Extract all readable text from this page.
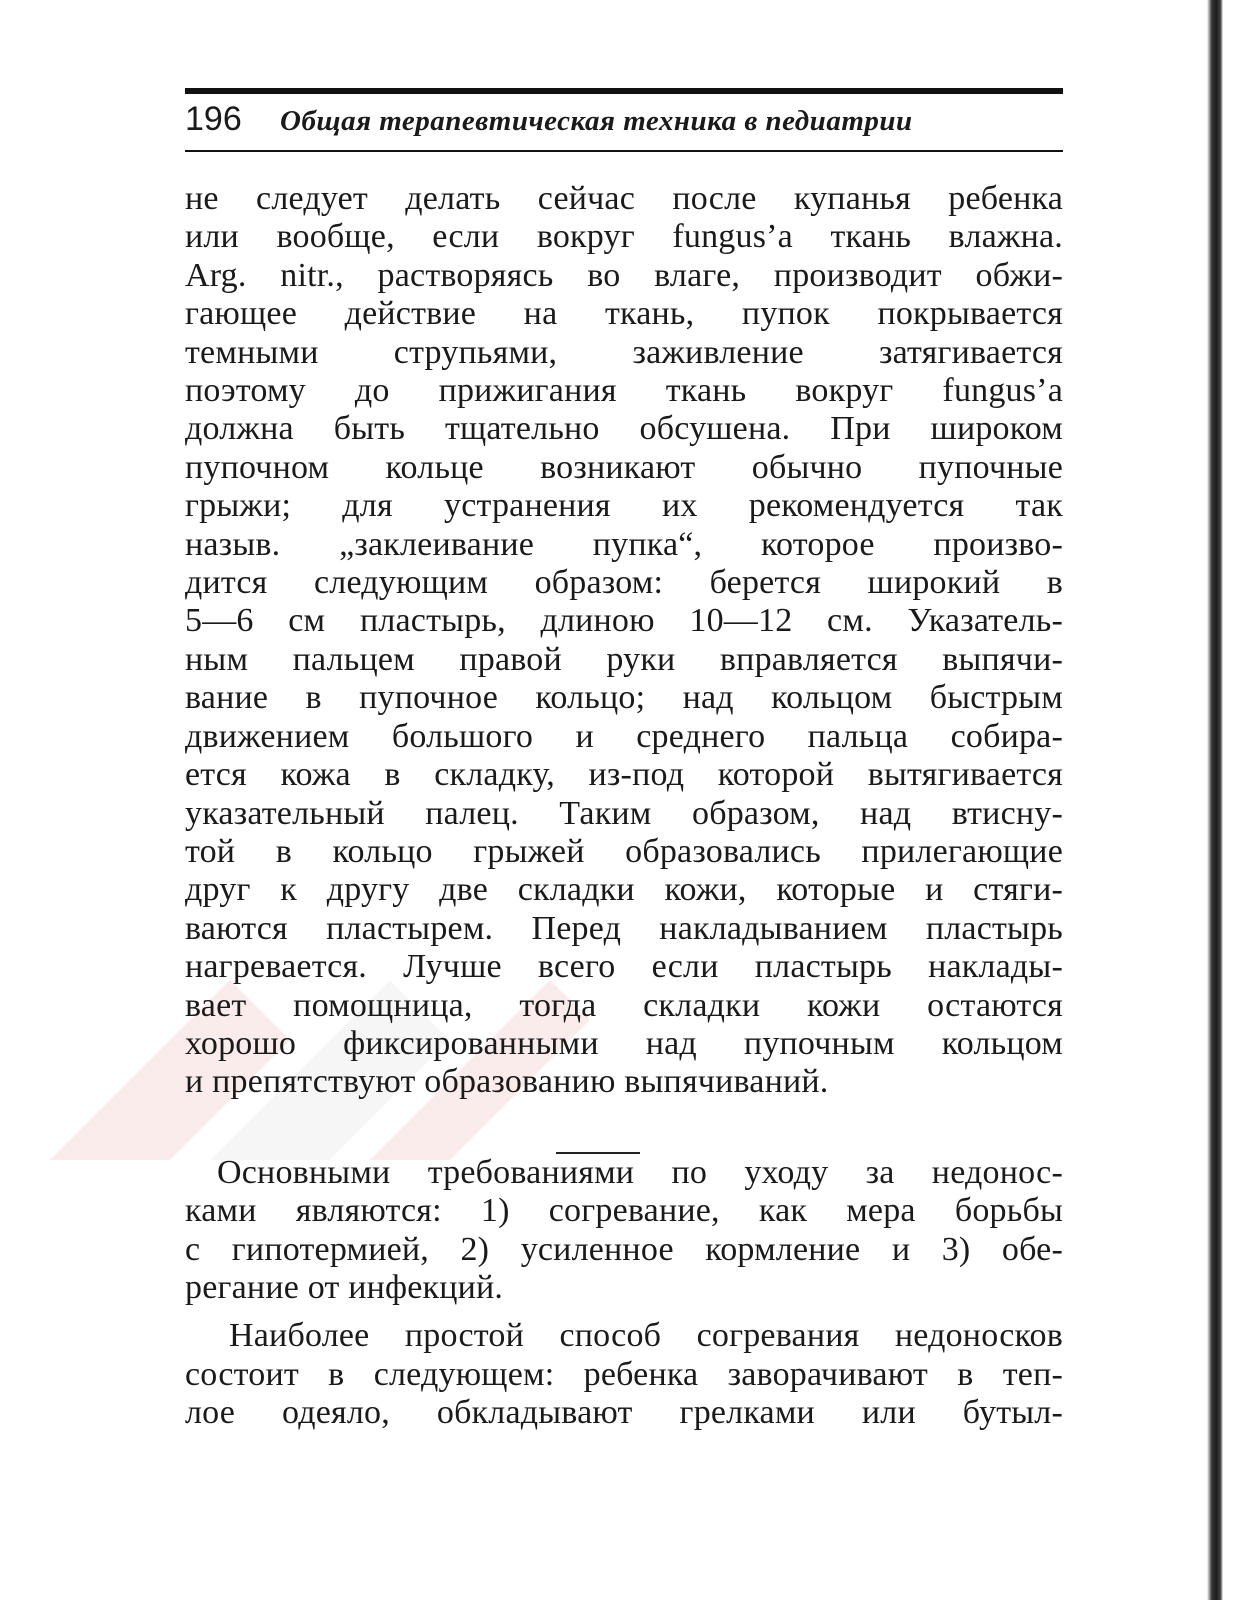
196	Общая терапевтическая техника в педиатрии

не следует делать сейчас после купанья ребенка
или вообще, если вокруг fungus’a ткань влажна.
Arg. nitr., растворяясь во влаге, производит обжи-
гающее действие на ткань, пупок покрывается
темными струпьями, заживление затягивается
поэтому до прижигания ткань вокруг fungus’a
должна быть тщательно обсушена. При широком
пупочном кольце возникают обычно пупочные
грыжи; для устранения их рекомендуется так
назыв. „заклеивание пупка“, которое произво-
дится следующим образом: берется широкий в
5—6 см пластырь, длиною 10—12 см. Указатель-
ным пальцем правой руки вправляется выпячи-
вание в пупочное кольцо; над кольцом быстрым
движением большого и среднего пальца собира-
ется кожа в складку, из-под которой вытягивается
указательный палец. Таким образом, над втисну-
той в кольцо грыжей образовались прилегающие
друг к другу две складки кожи, которые и стяги-
ваются пластырем. Перед накладыванием пластырь
нагревается. Лучше всего если пластырь наклады-
вает помощница, тогда складки кожи остаются
хорошо фиксированными над пупочным кольцом
и препятствуют образованию выпячиваний.

Основными требованиями по уходу за недонос-
ками являются: 1) согревание, как мера борьбы
с гипотермией, 2) усиленное кормление и 3) обе-
регание от инфекций.

Наиболее простой способ согревания недоносков
состоит в следующем: ребенка заворачивают в теп-
лое одеяло, обкладывают грелками или бутыл-
